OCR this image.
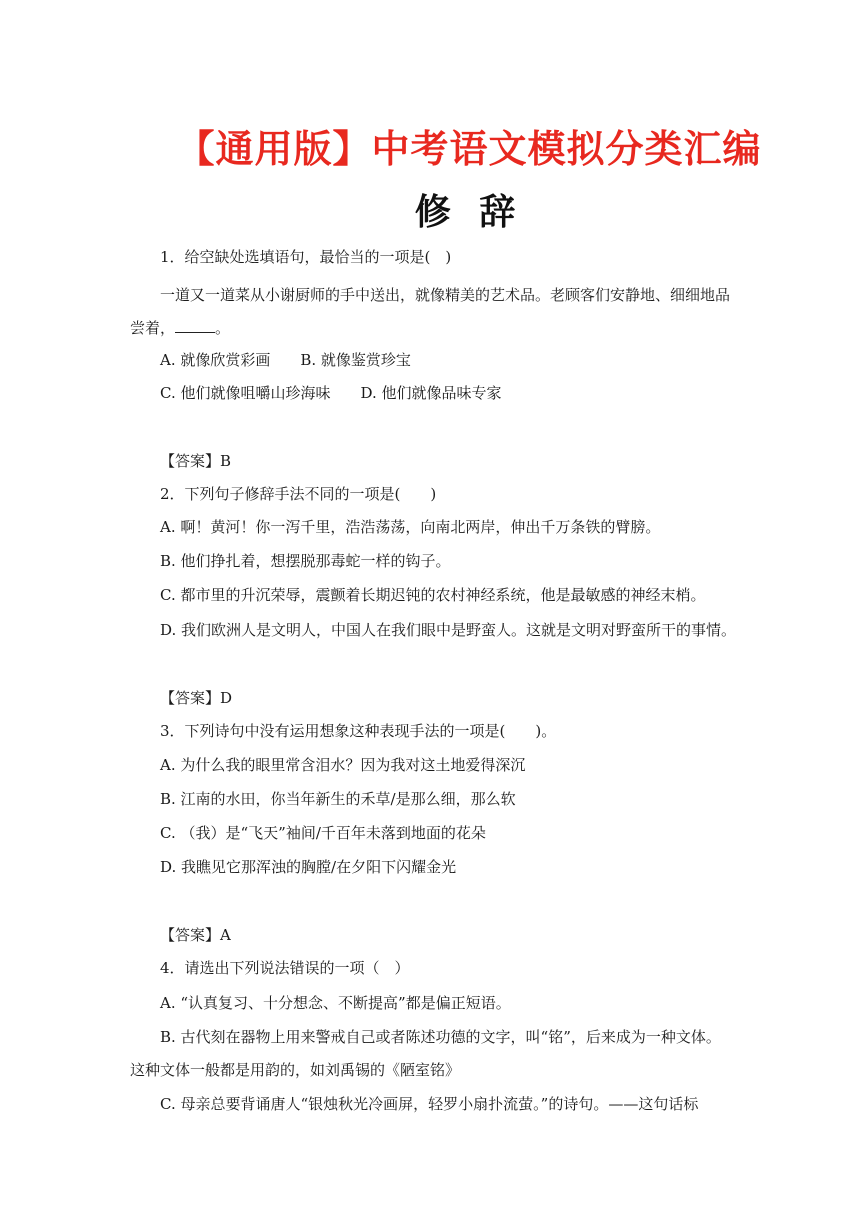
【通用版】中考语文模拟分类汇编
修 辞
1．给空缺处选填语句，最恰当的一项是(　)
一道又一道菜从小谢厨师的手中送出，就像精美的艺术品。老顾客们安静地、细细地品
尝着，	。
A. 就像欣赏彩画 B. 就像鉴赏珍宝
C. 他们就像咀嚼山珍海味 D. 他们就像品味专家
【答案】B
2．下列句子修辞手法不同的一项是(　　)
A. 啊！黄河！你一泻千里，浩浩荡荡，向南北两岸，伸出千万条铁的臂膀。
B. 他们挣扎着，想摆脱那毒蛇一样的钩子。
C. 都市里的升沉荣辱，震颤着长期迟钝的农村神经系统，他是最敏感的神经末梢。
D. 我们欧洲人是文明人，中国人在我们眼中是野蛮人。这就是文明对野蛮所干的事情。
【答案】D
3．下列诗句中没有运用想象这种表现手法的一项是(　　)。
A. 为什么我的眼里常含泪水？因为我对这土地爱得深沉
B. 江南的水田，你当年新生的禾草/是那么细，那么软
C. （我）是“飞天”袖间/千百年未落到地面的花朵
D. 我瞧见它那浑浊的胸膛/在夕阳下闪耀金光
【答案】A
4．请选出下列说法错误的一项（　）
A. “认真复习、十分想念、不断提高”都是偏正短语。
B. 古代刻在器物上用来警戒自己或者陈述功德的文字，叫“铭”，后来成为一种文体。
这种文体一般都是用韵的，如刘禹锡的《陋室铭》
C. 母亲总要背诵唐人“银烛秋光冷画屏，轻罗小扇扑流萤。”的诗句。——这句话标
